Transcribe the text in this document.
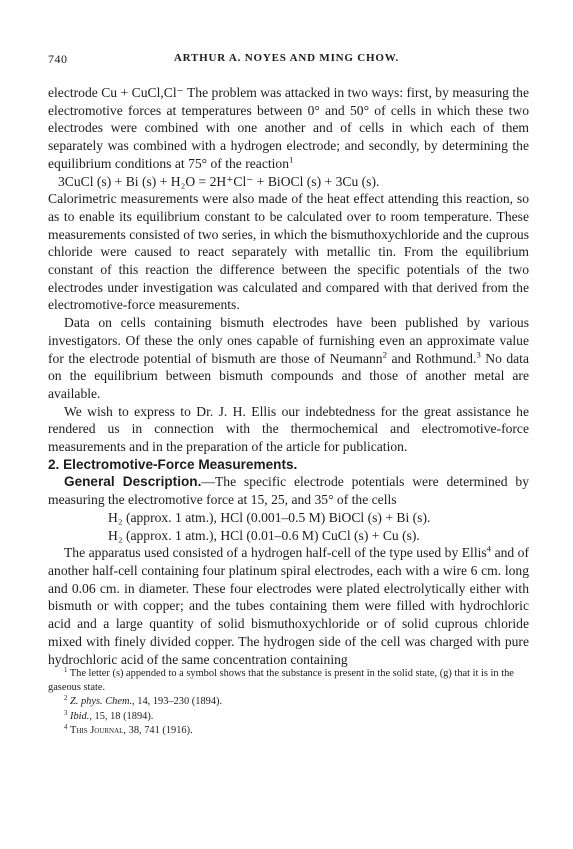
740	ARTHUR A. NOYES AND MING CHOW.

electrode Cu + CuCl,Cl⁻ The problem was attacked in two ways: first, by measuring the electromotive forces at temperatures between 0° and 50° of cells in which these two electrodes were combined with one another and of cells in which each of them separately was combined with a hydrogen electrode; and secondly, by determining the equilibrium conditions at 75° of the reaction$^1$

3CuCl (s) + Bi (s) + H₂O = 2H⁺Cl⁻ + BiOCl (s) + 3Cu (s).

Calorimetric measurements were also made of the heat effect attending this reaction, so as to enable its equilibrium constant to be calculated over to room temperature. These measurements consisted of two series, in which the bismuthoxychloride and the cuprous chloride were caused to react separately with metallic tin. From the equilibrium constant of this reaction the difference between the specific potentials of the two electrodes under investigation was calculated and compared with that derived from the electromotive-force measurements.

Data on cells containing bismuth electrodes have been published by various investigators. Of these the only ones capable of furnishing even an approximate value for the electrode potential of bismuth are those of Neumann$^2$ and Rothmund.$^3$ No data on the equilibrium between bismuth compounds and those of another metal are available.

We wish to express to Dr. J. H. Ellis our indebtedness for the great assistance he rendered us in connection with the thermochemical and electromotive-force measurements and in the preparation of the article for publication.

2. Electromotive-Force Measurements.

General Description.—The specific electrode potentials were determined by measuring the electromotive force at 15, 25, and 35° of the cells

H₂ (approx. 1 atm.), HCl (0.001–0.5 M) BiOCl (s) + Bi (s).

H₂ (approx. 1 atm.), HCl (0.01–0.6 M) CuCl (s) + Cu (s).

The apparatus used consisted of a hydrogen half-cell of the type used by Ellis$^4$ and of another half-cell containing four platinum spiral electrodes, each with a wire 6 cm. long and 0.06 cm. in diameter. These four electrodes were plated electrolytically either with bismuth or with copper; and the tubes containing them were filled with hydrochloric acid and a large quantity of solid bismuthoxychloride or of solid cuprous chloride mixed with finely divided copper. The hydrogen side of the cell was charged with pure hydrochloric acid of the same concentration containing

$^1$ The letter (s) appended to a symbol shows that the substance is present in the solid state, (g) that it is in the gaseous state.

$^2$ Z. phys. Chem., 14, 193–230 (1894).

$^3$ Ibid., 15, 18 (1894).

$^4$ This Journal, 38, 741 (1916).
